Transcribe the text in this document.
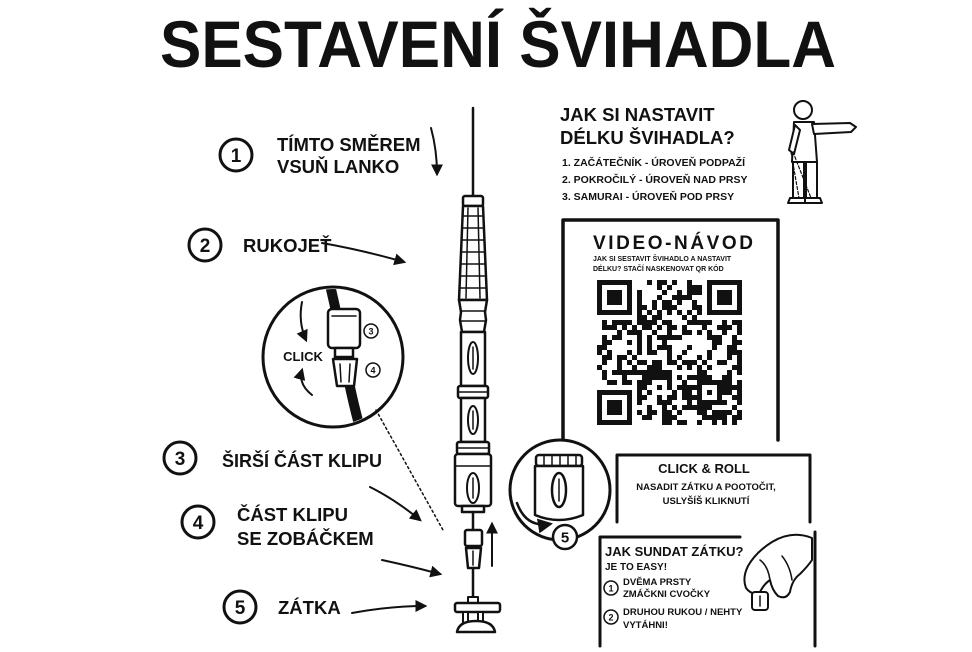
SESTAVENÍ ŠVIHADLA
1
TÍMTO SMĚREM
VSUŇ LANKO
2 RUKOJEŤ
CLICK
3
4
3 ŠIRŠÍ ČÁST KLIPU
4 ČÁST KLIPU
SE ZOBÁČKEM
5 ZÁTKA
JAK SI NASTAVIT
DÉLKU ŠVIHADLA?
1. ZAČÁTEČNÍK - ÚROVEŇ PODPAŽÍ
2. POKROČILÝ - ÚROVEŇ NAD PRSY
3. SAMURAI - ÚROVEŇ POD PRSY
VIDEO-NÁVOD
JAK SI SESTAVIT ŠVIHADLO A NASTAVIT
DÉLKU? STAČÍ NASKENOVAT QR KÓD
5
CLICK & ROLL
NASADIT ZÁTKU A POOTOČIT,
USLYŠÍŠ KLIKNUTÍ
JAK SUNDAT ZÁTKU?
JE TO EASY!
1
DVĚMA PRSTY
ZMÁČKNI CVOČKY
2 DRUHOU RUKOU / NEHTY
VYTÁHNI!
